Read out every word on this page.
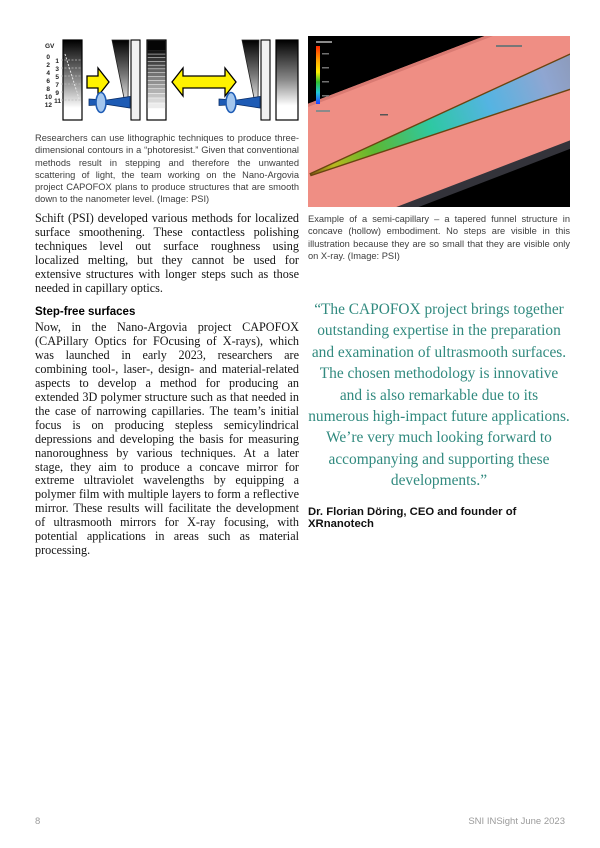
GV
0
2
4
6
8
10
12
1
3
5
7
9
11
Researchers can use lithographic techniques to produce three-dimensional contours in a “photoresist.” Given that conventional methods result in stepping and therefore the unwanted scattering of light, the team working on the Nano-Argovia project CAPOFOX plans to produce structures that are smooth down to the nanometer level. (Image: PSI)
Example of a semi-capillary – a tapered funnel structure in concave (hollow) embodiment. No steps are visible in this illustration because they are so small that they are visible only on X-ray. (Image: PSI)

Schift (PSI) developed various methods for localized surface smoothening. These contactless polishing techniques level out surface roughness using localized melting, but they cannot be used for extensive structures with longer steps such as those needed in capillary optics.

Step-free surfaces

Now, in the Nano-Argovia project CAPOFOX (CAPillary Optics for FOcusing of X-rays), which was launched in early 2023, researchers are combining tool-, laser-, design- and material-related aspects to develop a method for producing an extended 3D polymer structure such as that needed in the case of narrowing capillaries. The team’s initial focus is on producing stepless semicylindrical depressions and developing the basis for measuring nanoroughness by various techniques. At a later stage, they aim to produce a concave mirror for extreme ultraviolet wavelengths by equipping a polymer film with multiple layers to form a reflective mirror. These results will facilitate the development of ultrasmooth mirrors for X-ray focusing, with potential applications in areas such as material processing.

“The CAPOFOX project brings together outstanding expertise in the preparation and examination of ultrasmooth surfaces. The chosen methodology is innovative and is also remarkable due to its numerous high-impact future applications. We’re very much looking forward to accompanying and supporting these developments.”

Dr. Florian Döring, CEO and founder of XRnanotech
8	SNI INSight June 2023
